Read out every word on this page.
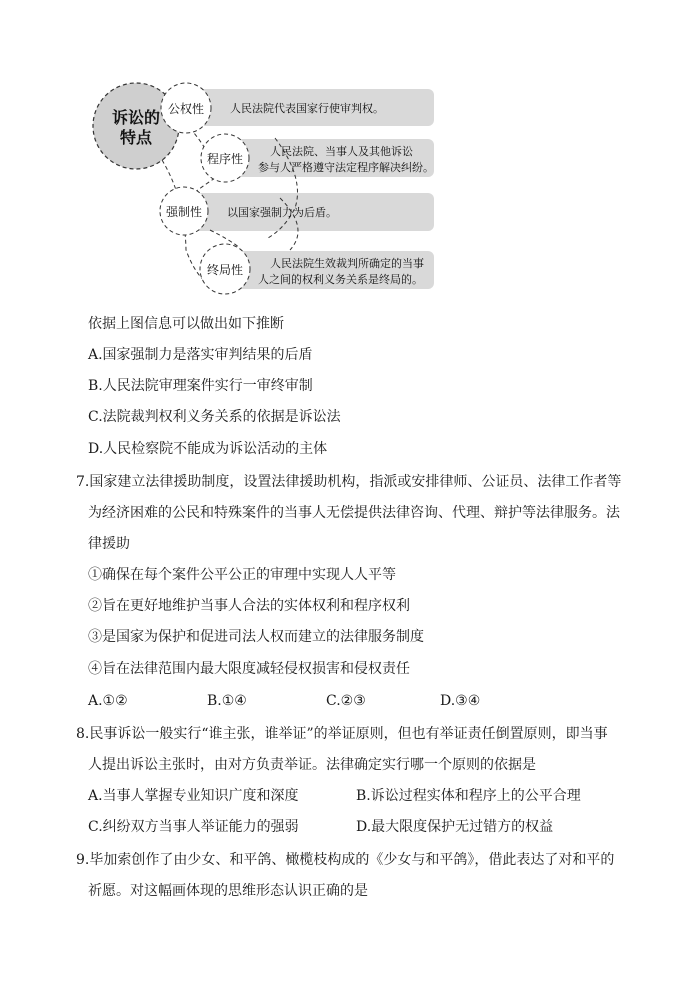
诉讼的
特点
公权性
程序性
强制性
终局性
人民法院代表国家行使审判权。
人民法院、当事人及其他诉讼
参与人严格遵守法定程序解决纠纷。
以国家强制力为后盾。
人民法院生效裁判所确定的当事
人之间的权利义务关系是终局的。
依据上图信息可以做出如下推断
A.国家强制力是落实审判结果的后盾
B.人民法院审理案件实行一审终审制
C.法院裁判权利义务关系的依据是诉讼法
D.人民检察院不能成为诉讼活动的主体
7.国家建立法律援助制度，设置法律援助机构，指派或安排律师、公证员、法律工作者等
为经济困难的公民和特殊案件的当事人无偿提供法律咨询、代理、辩护等法律服务。法
律援助
①确保在每个案件公平公正的审理中实现人人平等
②旨在更好地维护当事人合法的实体权利和程序权利
③是国家为保护和促进司法人权而建立的法律服务制度
④旨在法律范围内最大限度减轻侵权损害和侵权责任
A.①②	B.①④	C.②③	D.③④
8.民事诉讼一般实行“谁主张，谁举证”的举证原则，但也有举证责任倒置原则，即当事
人提出诉讼主张时，由对方负责举证。法律确定实行哪一个原则的依据是
A.当事人掌握专业知识广度和深度	B.诉讼过程实体和程序上的公平合理
C.纠纷双方当事人举证能力的强弱	D.最大限度保护无过错方的权益
9.毕加索创作了由少女、和平鸽、橄榄枝构成的《少女与和平鸽》，借此表达了对和平的
祈愿。对这幅画体现的思维形态认识正确的是
